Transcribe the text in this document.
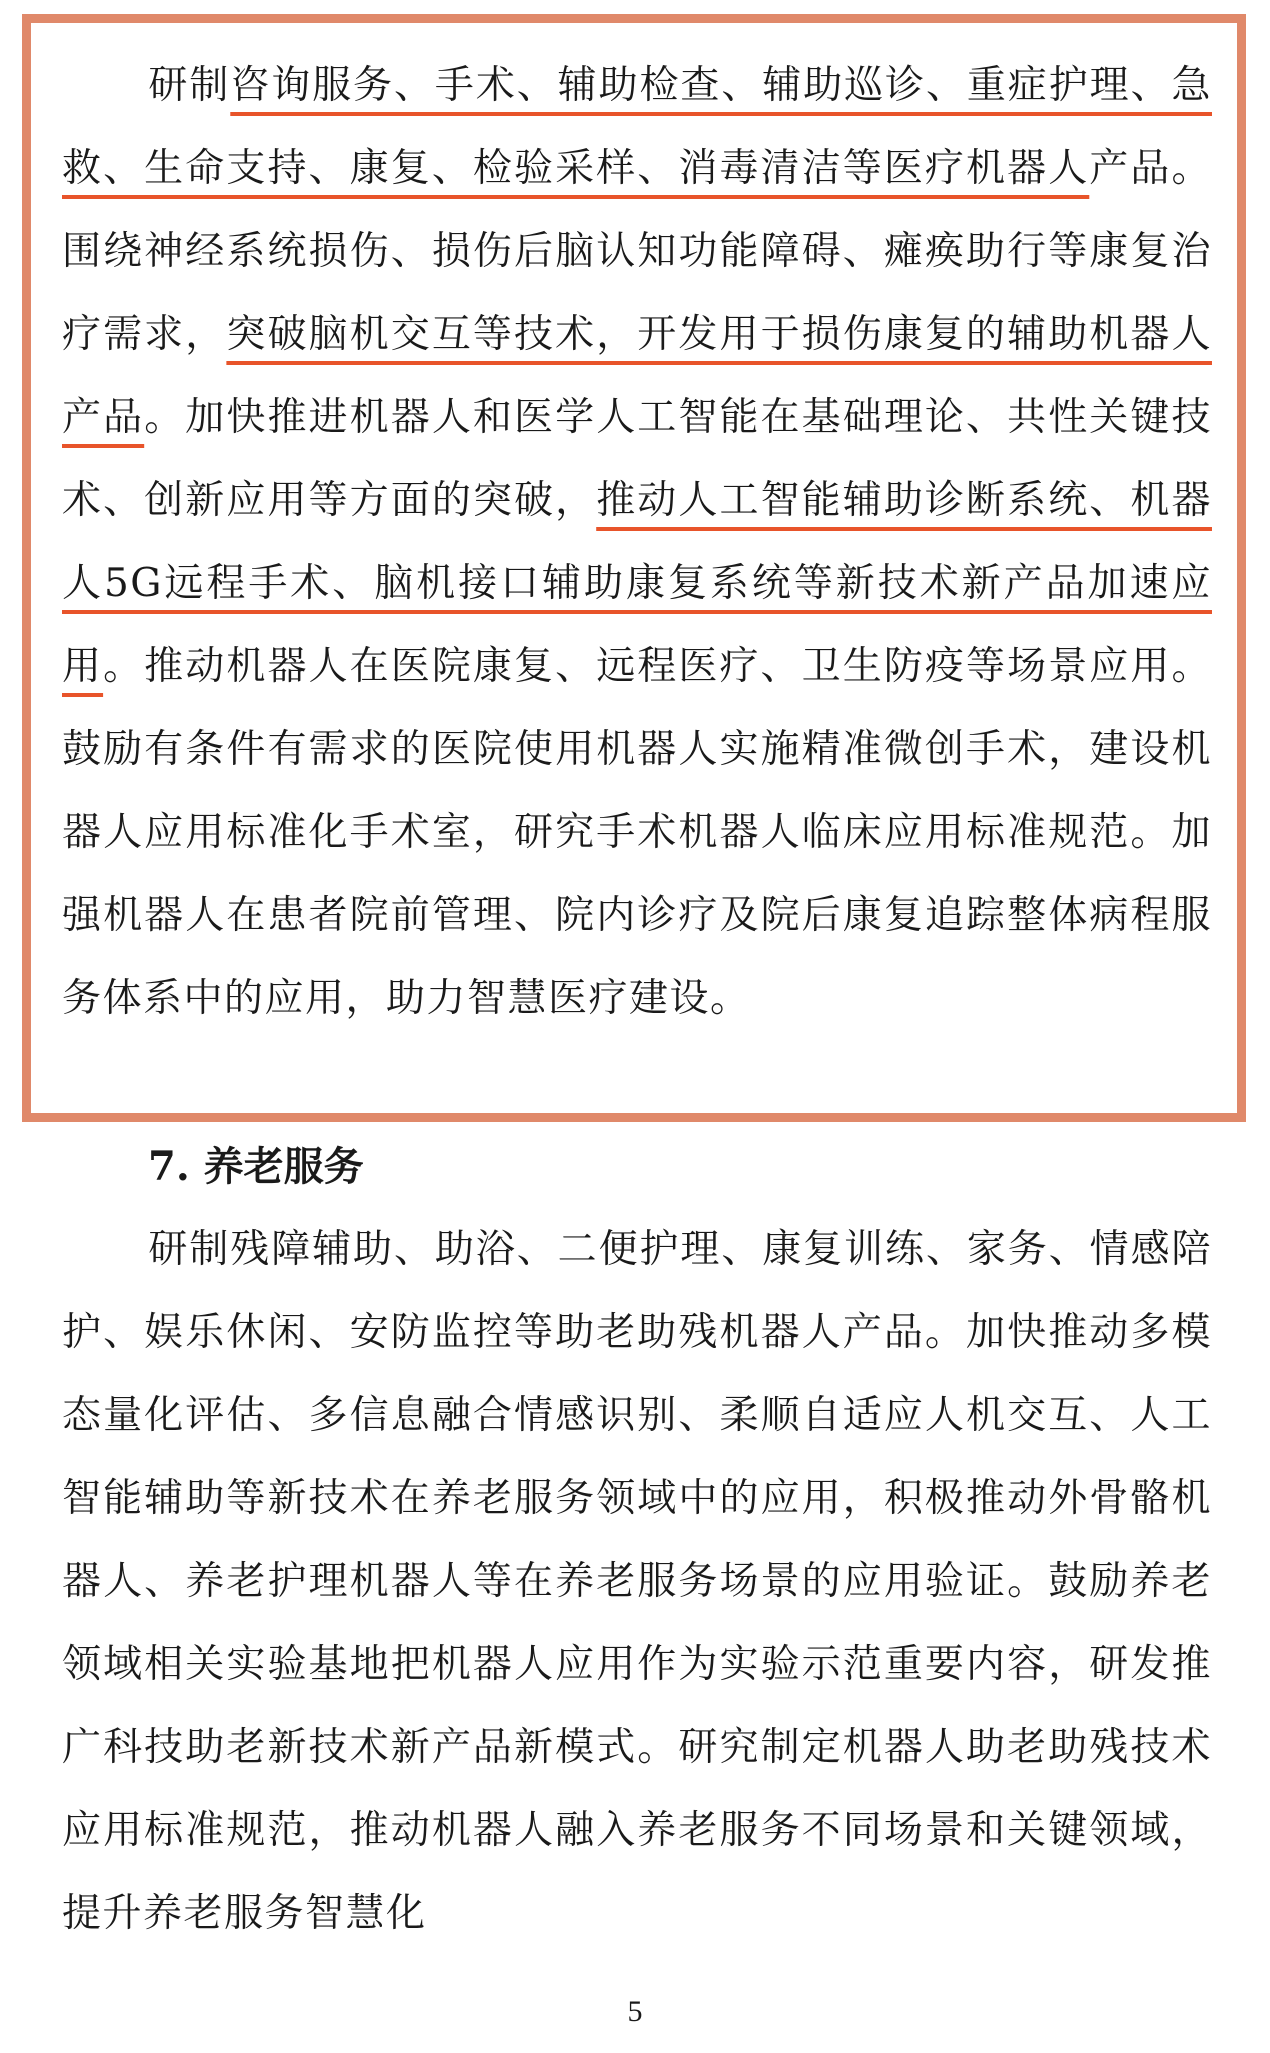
研制咨询服务、手术、辅助检查、辅助巡诊、重症护理、急救、生命支持、康复、检验采样、消毒清洁等医疗机器人产品。围绕神经系统损伤、损伤后脑认知功能障碍、瘫痪助行等康复治疗需求，突破脑机交互等技术，开发用于损伤康复的辅助机器人产品。加快推进机器人和医学人工智能在基础理论、共性关键技术、创新应用等方面的突破，推动人工智能辅助诊断系统、机器人5G远程手术、脑机接口辅助康复系统等新技术新产品加速应用。推动机器人在医院康复、远程医疗、卫生防疫等场景应用。鼓励有条件有需求的医院使用机器人实施精准微创手术，建设机器人应用标准化手术室，研究手术机器人临床应用标准规范。加强机器人在患者院前管理、院内诊疗及院后康复追踪整体病程服务体系中的应用，助力智慧医疗建设。

7. 养老服务

研制残障辅助、助浴、二便护理、康复训练、家务、情感陪护、娱乐休闲、安防监控等助老助残机器人产品。加快推动多模态量化评估、多信息融合情感识别、柔顺自适应人机交互、人工智能辅助等新技术在养老服务领域中的应用，积极推动外骨骼机器人、养老护理机器人等在养老服务场景的应用验证。鼓励养老领域相关实验基地把机器人应用作为实验示范重要内容，研发推广科技助老新技术新产品新模式。研究制定机器人助老助残技术应用标准规范，推动机器人融入养老服务不同场景和关键领域，提升养老服务智慧化

5
